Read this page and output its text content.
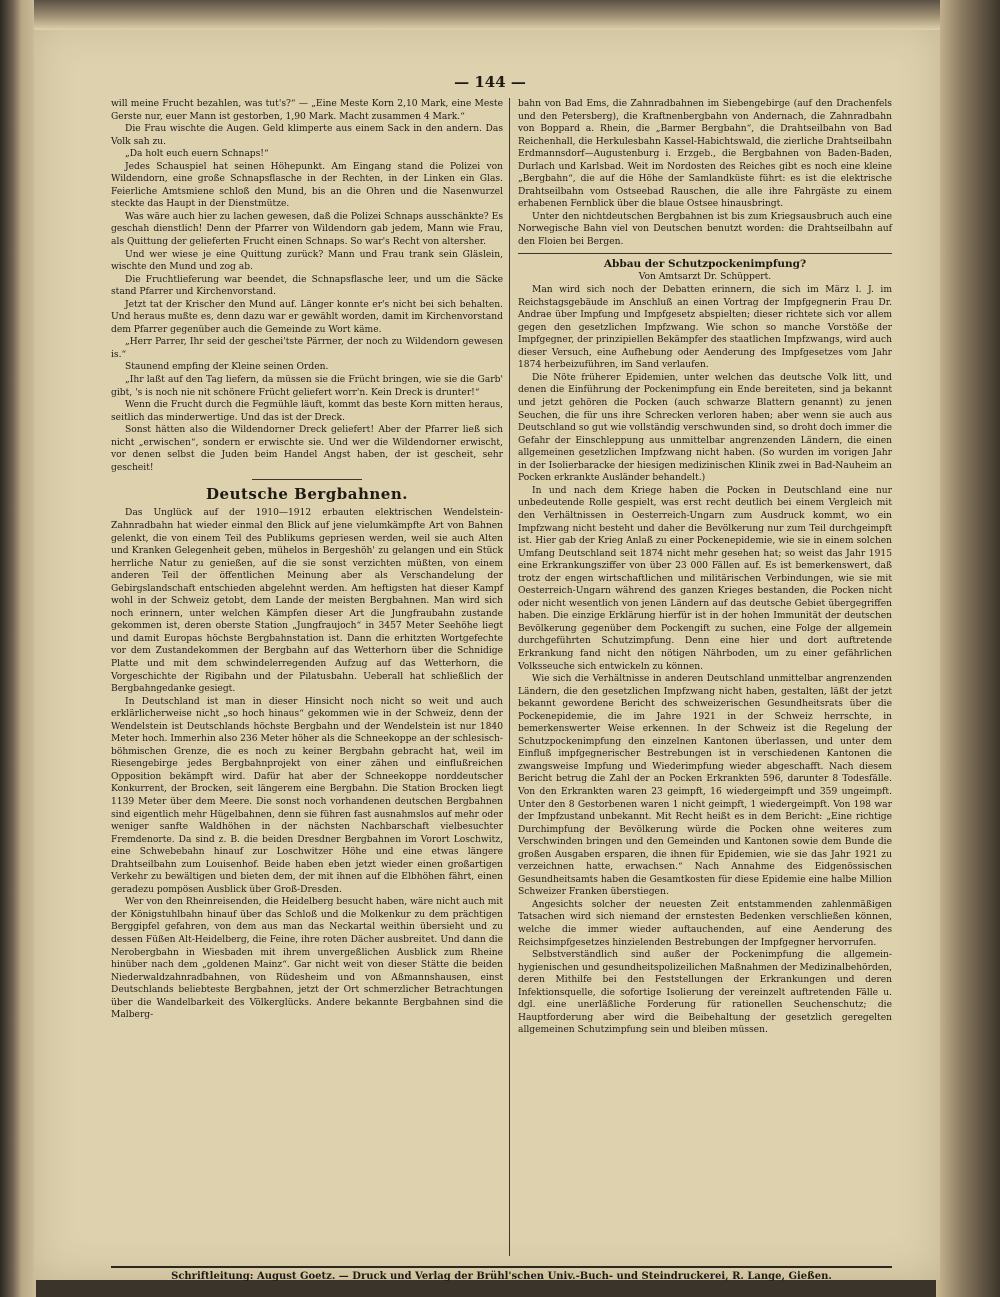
— 144 —

will meine Frucht bezahlen, was tut's?“ — „Eine Meste Korn 2,10 Mark, eine Meste Gerste nur, euer Mann ist gestorben, 1,90 Mark. Macht zusammen 4 Mark.“

Die Frau wischte die Augen. Geld klimperte aus einem Sack in den andern. Das Volk sah zu.

„Da holt euch euern Schnaps!“

Jedes Schauspiel hat seinen Höhepunkt. Am Eingang stand die Polizei von Wildendorn, eine große Schnapsflasche in der Rechten, in der Linken ein Glas. Feierliche Amtsmiene schloß den Mund, bis an die Ohren und die Nasenwurzel steckte das Haupt in der Dienstmütze.

Was wäre auch hier zu lachen gewesen, daß die Polizei Schnaps ausschänkte? Es geschah dienstlich! Denn der Pfarrer von Wildendorn gab jedem, Mann wie Frau, als Quittung der gelieferten Frucht einen Schnaps. So war's Recht von altersher.

Und wer wiese je eine Quittung zurück? Mann und Frau trank sein Gläslein, wischte den Mund und zog ab.

Die Fruchtlieferung war beendet, die Schnapsflasche leer, und um die Säcke stand Pfarrer und Kirchenvorstand.

Jetzt tat der Krischer den Mund auf. Länger konnte er's nicht bei sich behalten. Und heraus mußte es, denn dazu war er gewählt worden, damit im Kirchenvorstand dem Pfarrer gegenüber auch die Gemeinde zu Wort käme.

„Herr Parrer, Ihr seid der geschei'tste Pärrner, der noch zu Wildendorn gewesen is.“

Staunend empfing der Kleine seinen Orden.

„Ihr laßt auf den Tag liefern, da müssen sie die Frücht bringen, wie sie die Garb' gibt, 's is noch nie nit schönere Frücht geliefert worr'n. Kein Dreck is drunter!“

Wenn die Frucht durch die Fegmühle läuft, kommt das beste Korn mitten heraus, seitlich das minderwertige. Und das ist der Dreck.

Sonst hätten also die Wildendorner Dreck geliefert! Aber der Pfarrer ließ sich nicht „erwischen“, sondern er erwischte sie. Und wer die Wildendorner erwischt, vor denen selbst die Juden beim Handel Angst haben, der ist gescheit, sehr gescheit!

Deutsche Bergbahnen.

Das Unglück auf der 1910—1912 erbauten elektrischen Wendelstein-Zahnradbahn hat wieder einmal den Blick auf jene vielumkämpfte Art von Bahnen gelenkt, die von einem Teil des Publikums gepriesen werden, weil sie auch Alten und Kranken Gelegenheit geben, mühelos in Bergeshöh' zu gelangen und ein Stück herrliche Natur zu genießen, auf die sie sonst verzichten müßten, von einem anderen Teil der öffentlichen Meinung aber als Verschandelung der Gebirgslandschaft entschieden abgelehnt werden. Am heftigsten hat dieser Kampf wohl in der Schweiz getobt, dem Lande der meisten Bergbahnen. Man wird sich noch erinnern, unter welchen Kämpfen dieser Art die Jungfraubahn zustande gekommen ist, deren oberste Station „Jungfraujoch“ in 3457 Meter Seehöhe liegt und damit Europas höchste Bergbahnstation ist. Dann die erhitzten Wortgefechte vor dem Zustandekommen der Bergbahn auf das Wetterhorn über die Schnidige Platte und mit dem schwindelerregenden Aufzug auf das Wetterhorn, die Vorgeschichte der Rigibahn und der Pilatusbahn. Ueberall hat schließlich der Bergbahngedanke gesiegt.

In Deutschland ist man in dieser Hinsicht noch nicht so weit und auch erklärlicherweise nicht „so hoch hinaus“ gekommen wie in der Schweiz, denn der Wendelstein ist Deutschlands höchste Bergbahn und der Wendelstein ist nur 1840 Meter hoch. Immerhin also 236 Meter höher als die Schneekoppe an der schlesisch-böhmischen Grenze, die es noch zu keiner Bergbahn gebracht hat, weil im Riesengebirge jedes Bergbahnprojekt von einer zähen und einflußreichen Opposition bekämpft wird. Dafür hat aber der Schneekoppe norddeutscher Konkurrent, der Brocken, seit längerem eine Bergbahn. Die Station Brocken liegt 1139 Meter über dem Meere. Die sonst noch vorhandenen deutschen Bergbahnen sind eigentlich mehr Hügelbahnen, denn sie führen fast ausnahmslos auf mehr oder weniger sanfte Waldhöhen in der nächsten Nachbarschaft vielbesuchter Fremdenorte. Da sind z. B. die beiden Dresdner Bergbahnen im Vorort Loschwitz, eine Schwebebahn hinauf zur Loschwitzer Höhe und eine etwas längere Drahtseilbahn zum Louisenhof. Beide haben eben jetzt wieder einen großartigen Verkehr zu bewältigen und bieten dem, der mit ihnen auf die Elbhöhen fährt, einen geradezu pompösen Ausblick über Groß-Dresden.

Wer von den Rheinreisenden, die Heidelberg besucht haben, wäre nicht auch mit der Königstuhlbahn hinauf über das Schloß und die Molkenkur zu dem prächtigen Berggipfel gefahren, von dem aus man das Neckartal weithin übersieht und zu dessen Füßen Alt-Heidelberg, die Feine, ihre roten Dächer ausbreitet. Und dann die Nerobergbahn in Wiesbaden mit ihrem unvergeßlichen Ausblick zum Rheine hinüber nach dem „goldenen Mainz“. Gar nicht weit von dieser Stätte die beiden Niederwaldzahnradbahnen, von Rüdesheim und von Aßmannshausen, einst Deutschlands beliebteste Bergbahnen, jetzt der Ort schmerzlicher Betrachtungen über die Wandelbarkeit des Völkerglücks. Andere bekannte Bergbahnen sind die Malberg-

bahn von Bad Ems, die Zahnradbahnen im Siebengebirge (auf den Drachenfels und den Petersberg), die Kraftnenbergbahn von Andernach, die Zahnradbahn von Boppard a. Rhein, die „Barmer Bergbahn“, die Drahtseilbahn von Bad Reichenhall, die Herkulesbahn Kassel-Habichtswald, die zierliche Drahtseilbahn Erdmannsdorf—Augustenburg i. Erzgeb., die Bergbahnen von Baden-Baden, Durlach und Karlsbad. Weit im Nordosten des Reiches gibt es noch eine kleine „Bergbahn“, die auf die Höhe der Samlandküste führt: es ist die elektrische Drahtseilbahn vom Ostseebad Rauschen, die alle ihre Fahrgäste zu einem erhabenen Fernblick über die blaue Ostsee hinausbringt.

Unter den nichtdeutschen Bergbahnen ist bis zum Kriegsausbruch auch eine Norwegische Bahn viel von Deutschen benutzt worden: die Drahtseilbahn auf den Floien bei Bergen.

Abbau der Schutzpockenimpfung?

Von Amtsarzt Dr. Schüppert.

Man wird sich noch der Debatten erinnern, die sich im März l. J. im Reichstagsgebäude im Anschluß an einen Vortrag der Impfgegnerin Frau Dr. Andrae über Impfung und Impfgesetz abspielten; dieser richtete sich vor allem gegen den gesetzlichen Impfzwang. Wie schon so manche Vorstöße der Impfgegner, der prinzipiellen Bekämpfer des staatlichen Impfzwangs, wird auch dieser Versuch, eine Aufhebung oder Aenderung des Impfgesetzes vom Jahr 1874 herbeizuführen, im Sand verlaufen.

Die Nöte früherer Epidemien, unter welchen das deutsche Volk litt, und denen die Einführung der Pockenimpfung ein Ende bereiteten, sind ja bekannt und jetzt gehören die Pocken (auch schwarze Blattern genannt) zu jenen Seuchen, die für uns ihre Schrecken verloren haben; aber wenn sie auch aus Deutschland so gut wie vollständig verschwunden sind, so droht doch immer die Gefahr der Einschleppung aus unmittelbar angrenzenden Ländern, die einen allgemeinen gesetzlichen Impfzwang nicht haben. (So wurden im vorigen Jahr in der Isolierbaracke der hiesigen medizinischen Klinik zwei in Bad-Nauheim an Pocken erkrankte Ausländer behandelt.)

In und nach dem Kriege haben die Pocken in Deutschland eine nur unbedeutende Rolle gespielt, was erst recht deutlich bei einem Vergleich mit den Verhältnissen in Oesterreich-Ungarn zum Ausdruck kommt, wo ein Impfzwang nicht besteht und daher die Bevölkerung nur zum Teil durchgeimpft ist. Hier gab der Krieg Anlaß zu einer Pockenepidemie, wie sie in einem solchen Umfang Deutschland seit 1874 nicht mehr gesehen hat; so weist das Jahr 1915 eine Erkrankungsziffer von über 23 000 Fällen auf. Es ist bemerkenswert, daß trotz der engen wirtschaftlichen und militärischen Verbindungen, wie sie mit Oesterreich-Ungarn während des ganzen Krieges bestanden, die Pocken nicht oder nicht wesentlich von jenen Ländern auf das deutsche Gebiet übergegriffen haben. Die einzige Erklärung hierfür ist in der hohen Immunität der deutschen Bevölkerung gegenüber dem Pockengift zu suchen, eine Folge der allgemein durchgeführten Schutzimpfung. Denn eine hier und dort auftretende Erkrankung fand nicht den nötigen Nährboden, um zu einer gefährlichen Volksseuche sich entwickeln zu können.

Wie sich die Verhältnisse in anderen Deutschland unmittelbar angrenzenden Ländern, die den gesetzlichen Impfzwang nicht haben, gestalten, läßt der jetzt bekannt gewordene Bericht des schweizerischen Gesundheitsrats über die Pockenepidemie, die im Jahre 1921 in der Schweiz herrschte, in bemerkenswerter Weise erkennen. In der Schweiz ist die Regelung der Schutzpockenimpfung den einzelnen Kantonen überlassen, und unter dem Einfluß impfgegnerischer Bestrebungen ist in verschiedenen Kantonen die zwangsweise Impfung und Wiederimpfung wieder abgeschafft. Nach diesem Bericht betrug die Zahl der an Pocken Erkrankten 596, darunter 8 Todesfälle. Von den Erkrankten waren 23 geimpft, 16 wiedergeimpft und 359 ungeimpft. Unter den 8 Gestorbenen waren 1 nicht geimpft, 1 wiedergeimpft. Von 198 war der Impfzustand unbekannt. Mit Recht heißt es in dem Bericht: „Eine richtige Durchimpfung der Bevölkerung würde die Pocken ohne weiteres zum Verschwinden bringen und den Gemeinden und Kantonen sowie dem Bunde die großen Ausgaben ersparen, die ihnen für Epidemien, wie sie das Jahr 1921 zu verzeichnen hatte, erwachsen.“ Nach Annahme des Eidgenössischen Gesundheitsamts haben die Gesamtkosten für diese Epidemie eine halbe Million Schweizer Franken überstiegen.

Angesichts solcher der neuesten Zeit entstammenden zahlenmäßigen Tatsachen wird sich niemand der ernstesten Bedenken verschließen können, welche die immer wieder auftauchenden, auf eine Aenderung des Reichsimpfgesetzes hinzielenden Bestrebungen der Impfgegner hervorrufen.

Selbstverständlich sind außer der Pockenimpfung die allgemein-hygienischen und gesundheitspolizeilichen Maßnahmen der Medizinalbehörden, deren Mithilfe bei den Feststellungen der Erkrankungen und deren Infektionsquelle, die sofortige Isolierung der vereinzelt auftretenden Fälle u. dgl. eine unerläßliche Forderung für rationellen Seuchenschutz; die Hauptforderung aber wird die Beibehaltung der gesetzlich geregelten allgemeinen Schutzimpfung sein und bleiben müssen.

Schriftleitung: August Goetz. — Druck und Verlag der Brühl'schen Univ.-Buch- und Steindruckerei, R. Lange, Gießen.
